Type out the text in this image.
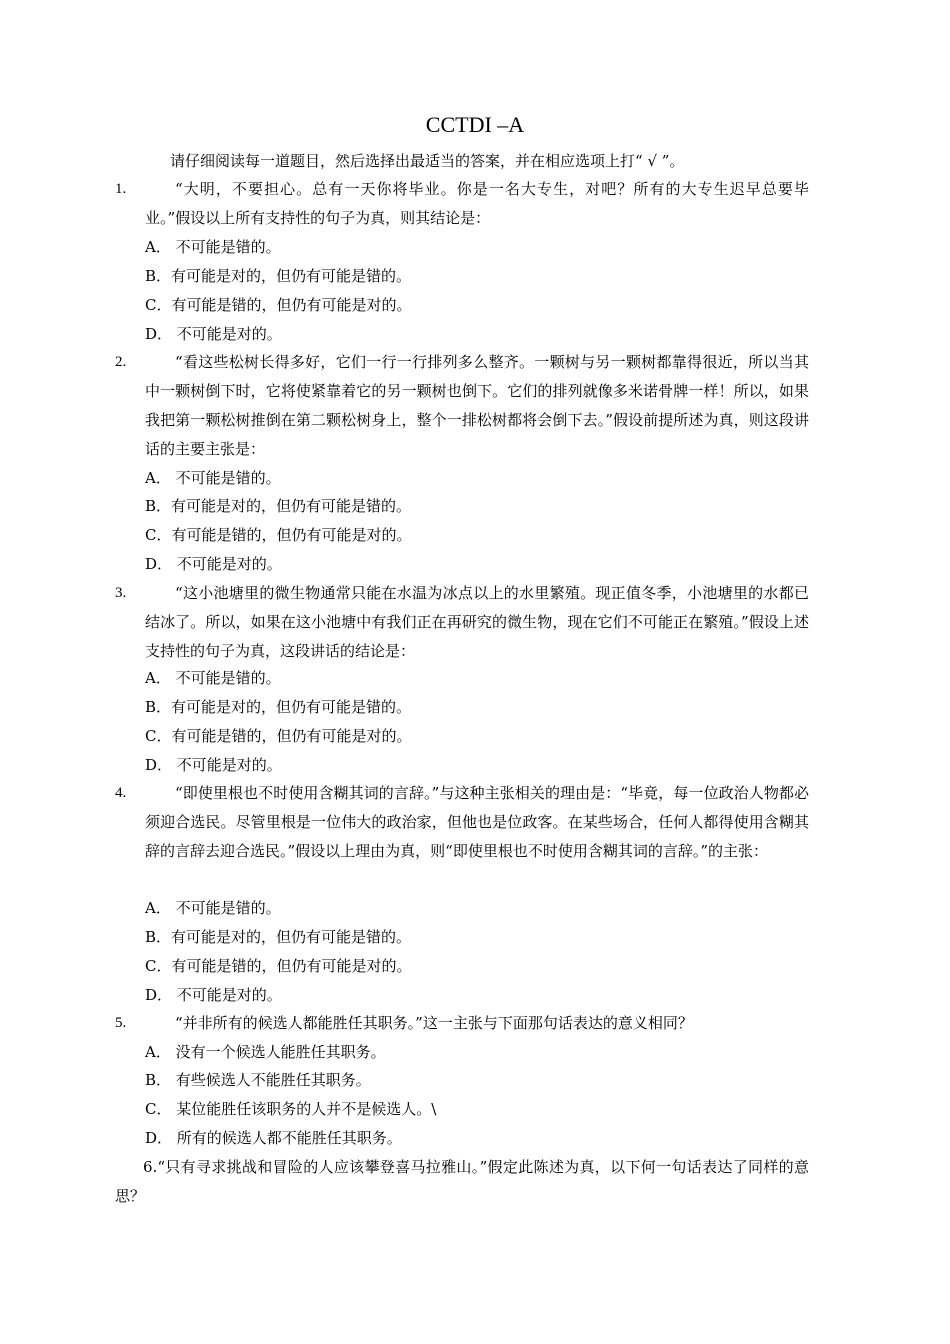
CCTDI –A
请仔细阅读每一道题目，然后选择出最适当的答案，并在相应选项上打“ √ ”。
1.	“大明，不要担心。总有一天你将毕业。你是一名大专生，对吧？所有的大专生迟早总要毕业。”假设以上所有支持性的句子为真，则其结论是：
A． 不可能是错的。
B．有可能是对的，但仍有可能是错的。
C．有可能是错的，但仍有可能是对的。
D． 不可能是对的。
2.	“看这些松树长得多好，它们一行一行排列多么整齐。一颗树与另一颗树都靠得很近，所以当其中一颗树倒下时，它将使紧靠着它的另一颗树也倒下。它们的排列就像多米诺骨牌一样！所以，如果我把第一颗松树推倒在第二颗松树身上，整个一排松树都将会倒下去。”假设前提所述为真，则这段讲话的主要主张是：
A． 不可能是错的。
B．有可能是对的，但仍有可能是错的。
C．有可能是错的，但仍有可能是对的。
D． 不可能是对的。
3.	“这小池塘里的微生物通常只能在水温为冰点以上的水里繁殖。现正值冬季，小池塘里的水都已结冰了。所以，如果在这小池塘中有我们正在再研究的微生物，现在它们不可能正在繁殖。”假设上述支持性的句子为真，这段讲话的结论是：
A． 不可能是错的。
B．有可能是对的，但仍有可能是错的。
C．有可能是错的，但仍有可能是对的。
D． 不可能是对的。
4.	“即使里根也不时使用含糊其词的言辞。”与这种主张相关的理由是：“毕竟，每一位政治人物都必须迎合选民。尽管里根是一位伟大的政治家，但他也是位政客。在某些场合，任何人都得使用含糊其辞的言辞去迎合选民。”假设以上理由为真，则“即使里根也不时使用含糊其词的言辞。”的主张：
A． 不可能是错的。
B．有可能是对的，但仍有可能是错的。
C．有可能是错的，但仍有可能是对的。
D． 不可能是对的。
5.	“并非所有的候选人都能胜任其职务。”这一主张与下面那句话表达的意义相同？
A． 没有一个候选人能胜任其职务。
B． 有些候选人不能胜任其职务。
C． 某位能胜任该职务的人并不是候选人。\
D． 所有的候选人都不能胜任其职务。
6.“只有寻求挑战和冒险的人应该攀登喜马拉雅山。”假定此陈述为真，以下何一句话表达了同样的意思？
